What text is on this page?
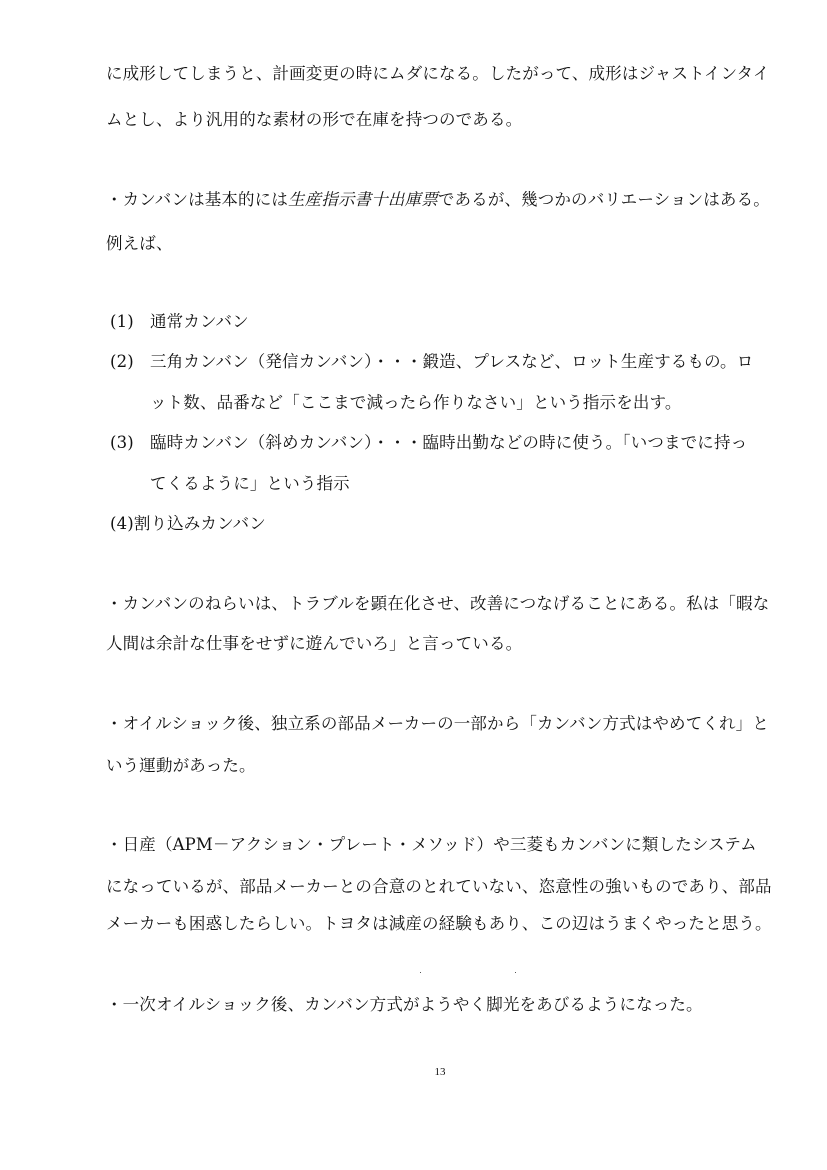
に成形してしまうと、計画変更の時にムダになる。したがって、成形はジャストインタイ
ムとし、より汎用的な素材の形で在庫を持つのである。
・カンバンは基本的には生産指示書十出庫票であるが、幾つかのバリエーションはある。
例えば、
(1) 通常カンバン
(2) 三角カンバン（発信カンバン）・・・鍛造、プレスなど、ロット生産するもの。ロ
ット数、品番など「ここまで減ったら作りなさい」という指示を出す。
(3) 臨時カンバン（斜めカンバン）・・・臨時出勤などの時に使う。「いつまでに持っ
てくるように」という指示
(4)割り込みカンバン
・カンバンのねらいは、トラブルを顕在化させ、改善につなげることにある。私は「暇な
人間は余計な仕事をせずに遊んでいろ」と言っている。
・オイルショック後、独立系の部品メーカーの一部から「カンバン方式はやめてくれ」と
いう運動があった。
・日産（APM－アクション・プレート・メソッド）や三菱もカンバンに類したシステム
になっているが、部品メーカーとの合意のとれていない、恣意性の強いものであり、部品
メーカーも困惑したらしい。トヨタは減産の経験もあり、この辺はうまくやったと思う。
・一次オイルショック後、カンバン方式がようやく脚光をあびるようになった。
13
